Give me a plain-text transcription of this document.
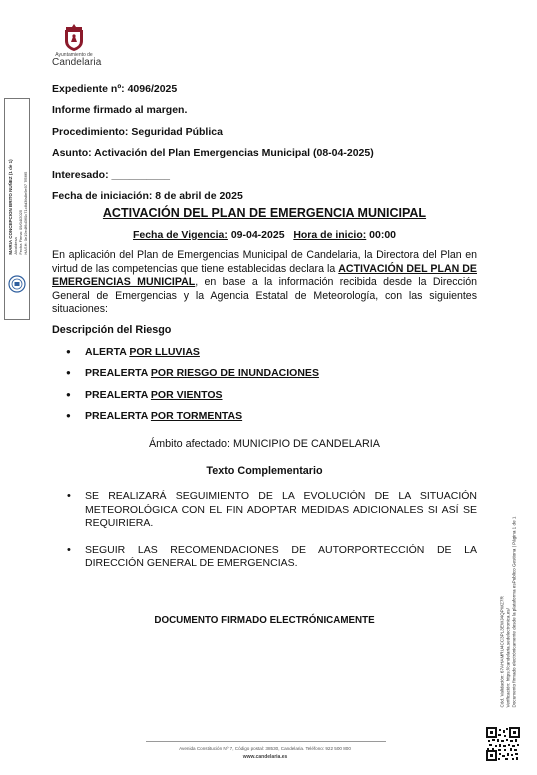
Ayuntamiento de
Candelaria
MARIA CONCEPCION BRITO NUÑEZ (1 de 1)
Alcaldesa
Fecha Firma: 09/04/2025
HASH: 0e19e4f6d360c71c8d3fa8e9e97 7f56f5
Expediente nº: 4096/2025
Informe firmado al margen.
Procedimiento: Seguridad Pública
Asunto: Activación del Plan Emergencias Municipal (08-04-2025)
Interesado: __________
Fecha de iniciación: 8 de abril de 2025
ACTIVACIÓN DEL PLAN DE EMERGENCIA MUNICIPAL
Fecha de Vigencia: 09-04-2025 Hora de inicio: 00:00
En aplicación del Plan de Emergencias Municipal de Candelaria, la Directora del Plan en virtud de las competencias que tiene establecidas declara la ACTIVACIÓN DEL PLAN DE EMERGENCIAS MUNICIPAL, en base a la información recibida desde la Dirección General de Emergencias y la Agencia Estatal de Meteorología, con las siguientes situaciones:
Descripción del Riesgo
● ALERTA POR LLUVIAS
● PREALERTA POR RIESGO DE INUNDACIONES
● PREALERTA POR VIENTOS
● PREALERTA POR TORMENTAS
Ámbito afectado: MUNICIPIO DE CANDELARIA
Texto Complementario
• SE REALIZARÁ SEGUIMIENTO DE LA EVOLUCIÓN DE LA SITUACIÓN METEOROLÓGICA CON EL FIN ADOPTAR MEDIDAS ADICIONALES SI ASÍ SE REQUIRIERA.
• SEGUIR LAS RECOMENDACIONES DE AUTORPORTECCIÓN DE LA DIRECCIÓN GENERAL DE EMERGENCIAS.
DOCUMENTO FIRMADO ELECTRÓNICAMENTE
Avenida Constitución Nº 7, Código postal: 38530, Candelaria. Teléfono: 922 500 800
www.candelaria.es
Cód. Validación: 67AHAMRU4CC3PL3EWJ4QPWZ7R
Verificación: https://candelaria.sedelectronica.es/
Documento firmado electrónicamente desde la plataforma esPublico Gestiona | Página 1 de 1
